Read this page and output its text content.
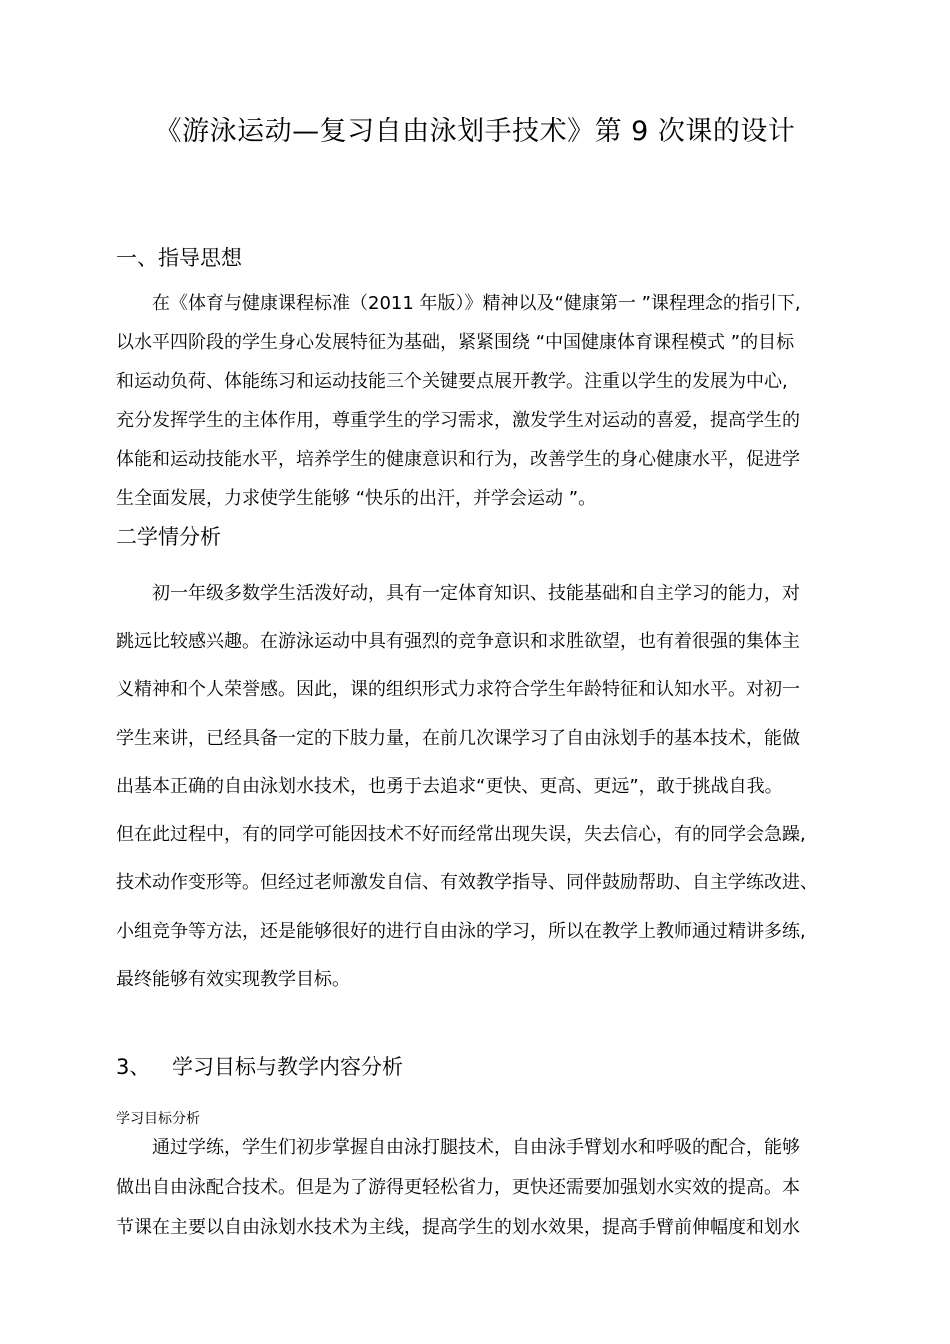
《游泳运动—复习自由泳划手技术》第 9 次课的设计
一、指导思想
在《体育与健康课程标准（2011 年版）》精神以及“健康第一 ”课程理念的指引下,
以水平四阶段的学生身心发展特征为基础，紧紧围绕 “中国健康体育课程模式 ”的目标
和运动负荷、体能练习和运动技能三个关键要点展开教学。注重以学生的发展为中心,
充分发挥学生的主体作用，尊重学生的学习需求，激发学生对运动的喜爱，提高学生的
体能和运动技能水平，培养学生的健康意识和行为，改善学生的身心健康水平，促进学
生全面发展，力求使学生能够 “快乐的出汗，并学会运动 ”。
二学情分析
初一年级多数学生活泼好动，具有一定体育知识、技能基础和自主学习的能力，对
跳远比较感兴趣。在游泳运动中具有强烈的竞争意识和求胜欲望，也有着很强的集体主
义精神和个人荣誉感。因此，课的组织形式力求符合学生年龄特征和认知水平。对初一
学生来讲，已经具备一定的下肢力量，在前几次课学习了自由泳划手的基本技术，能做
出基本正确的自由泳划水技术，也勇于去追求“更快、更高、更远”，敢于挑战自我。
但在此过程中，有的同学可能因技术不好而经常出现失误，失去信心，有的同学会急躁,
技术动作变形等。但经过老师激发自信、有效教学指导、同伴鼓励帮助、自主学练改进、
小组竞争等方法，还是能够很好的进行自由泳的学习，所以在教学上教师通过精讲多练,
最终能够有效实现教学目标。
3、 学习目标与教学内容分析
学习目标分析
通过学练，学生们初步掌握自由泳打腿技术，自由泳手臂划水和呼吸的配合，能够
做出自由泳配合技术。但是为了游得更轻松省力，更快还需要加强划水实效的提高。本
节课在主要以自由泳划水技术为主线，提高学生的划水效果，提高手臂前伸幅度和划水
